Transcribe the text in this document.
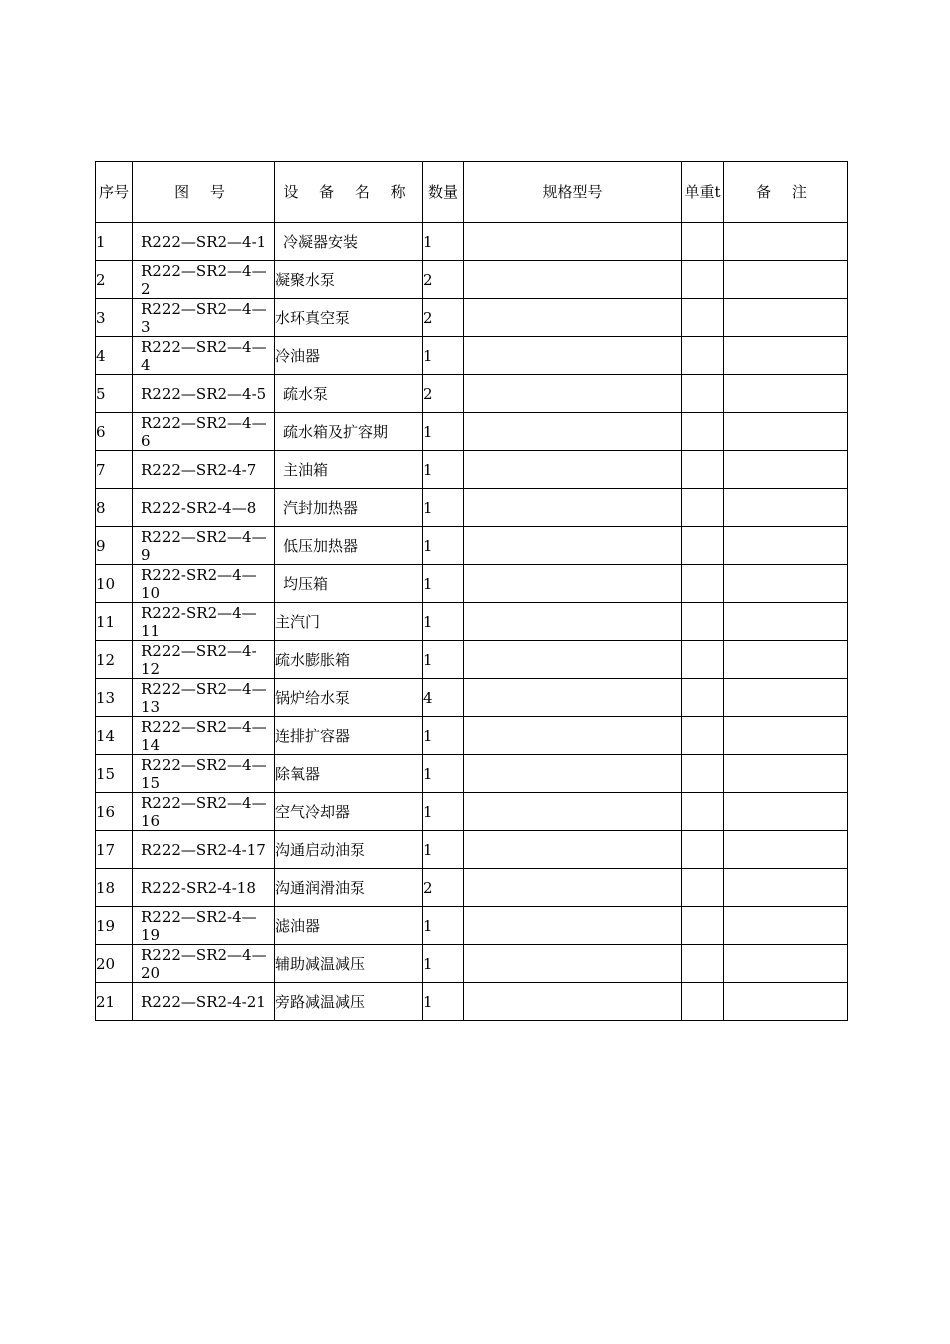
序号	图 号	设 备 名 称	数量	规格型号	单重t	备 注
1	R222—SR2—4-1	冷凝器安装	1			
2	R222—SR2—4—2	凝聚水泵	2			
3	R222—SR2—4—3	水环真空泵	2			
4	R222—SR2—4—4	冷油器	1			
5	R222—SR2—4-5	疏水泵	2			
6	R222—SR2—4—6	疏水箱及扩容期	1			
7	R222—SR2-4-7	主油箱	1			
8	R222-SR2-4—8	汽封加热器	1			
9	R222—SR2—4—9	低压加热器	1			
10	R222-SR2—4—10	均压箱	1			
11	R222-SR2—4—11	主汽门	1			
12	R222—SR2—4-12	疏水膨胀箱	1			
13	R222—SR2—4—13	锅炉给水泵	4			
14	R222—SR2—4—14	连排扩容器	1			
15	R222—SR2—4—15	除氧器	1			
16	R222—SR2—4—16	空气冷却器	1			
17	R222—SR2-4-17	沟通启动油泵	1			
18	R222-SR2-4-18	沟通润滑油泵	2			
19	R222—SR2-4—19	滤油器	1			
20	R222—SR2—4—20	辅助减温减压	1			
21	R222—SR2-4-21	旁路减温减压	1			
